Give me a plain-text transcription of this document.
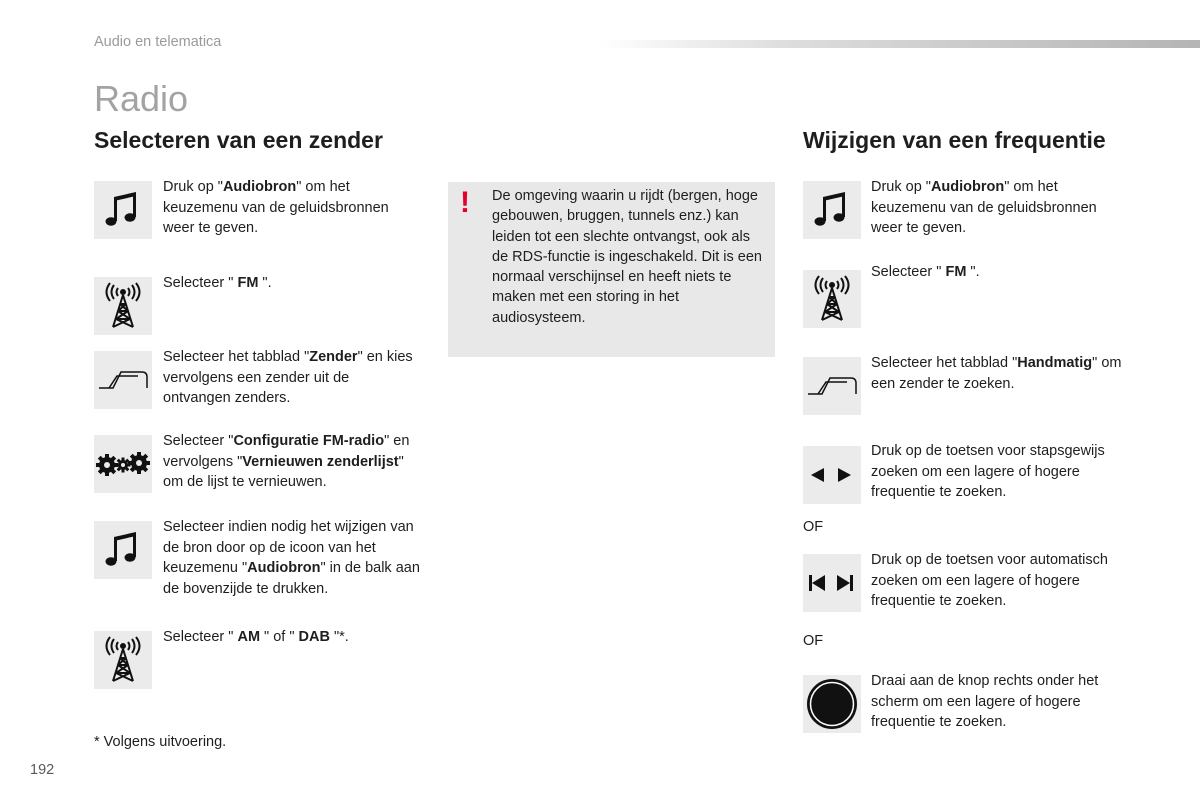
Audio en telematica
Radio
Selecteren van een zender	Wijzigen van een frequentie
Druk op "Audiobron" om het keuzemenu van de geluidsbronnen weer te geven.
Selecteer " FM ".
Selecteer het tabblad "Zender" en kies vervolgens een zender uit de ontvangen zenders.
Selecteer "Configuratie FM-radio" en vervolgens "Vernieuwen zenderlijst" om de lijst te vernieuwen.
Selecteer indien nodig het wijzigen van de bron door op de icoon van het keuzemenu "Audiobron" in de balk aan de bovenzijde te drukken.
Selecteer " AM " of " DAB "*.
! De omgeving waarin u rijdt (bergen, hoge gebouwen, bruggen, tunnels enz.) kan leiden tot een slechte ontvangst, ook als de RDS-functie is ingeschakeld. Dit is een normaal verschijnsel en heeft niets te maken met een storing in het audiosysteem.
Druk op "Audiobron" om het keuzemenu van de geluidsbronnen weer te geven.
Selecteer " FM ".
Selecteer het tabblad "Handmatig" om een zender te zoeken.
Druk op de toetsen voor stapsgewijs zoeken om een lagere of hogere frequentie te zoeken.
OF
Druk op de toetsen voor automatisch zoeken om een lagere of hogere frequentie te zoeken.
OF
Draai aan de knop rechts onder het scherm om een lagere of hogere frequentie te zoeken.
* Volgens uitvoering.
192
